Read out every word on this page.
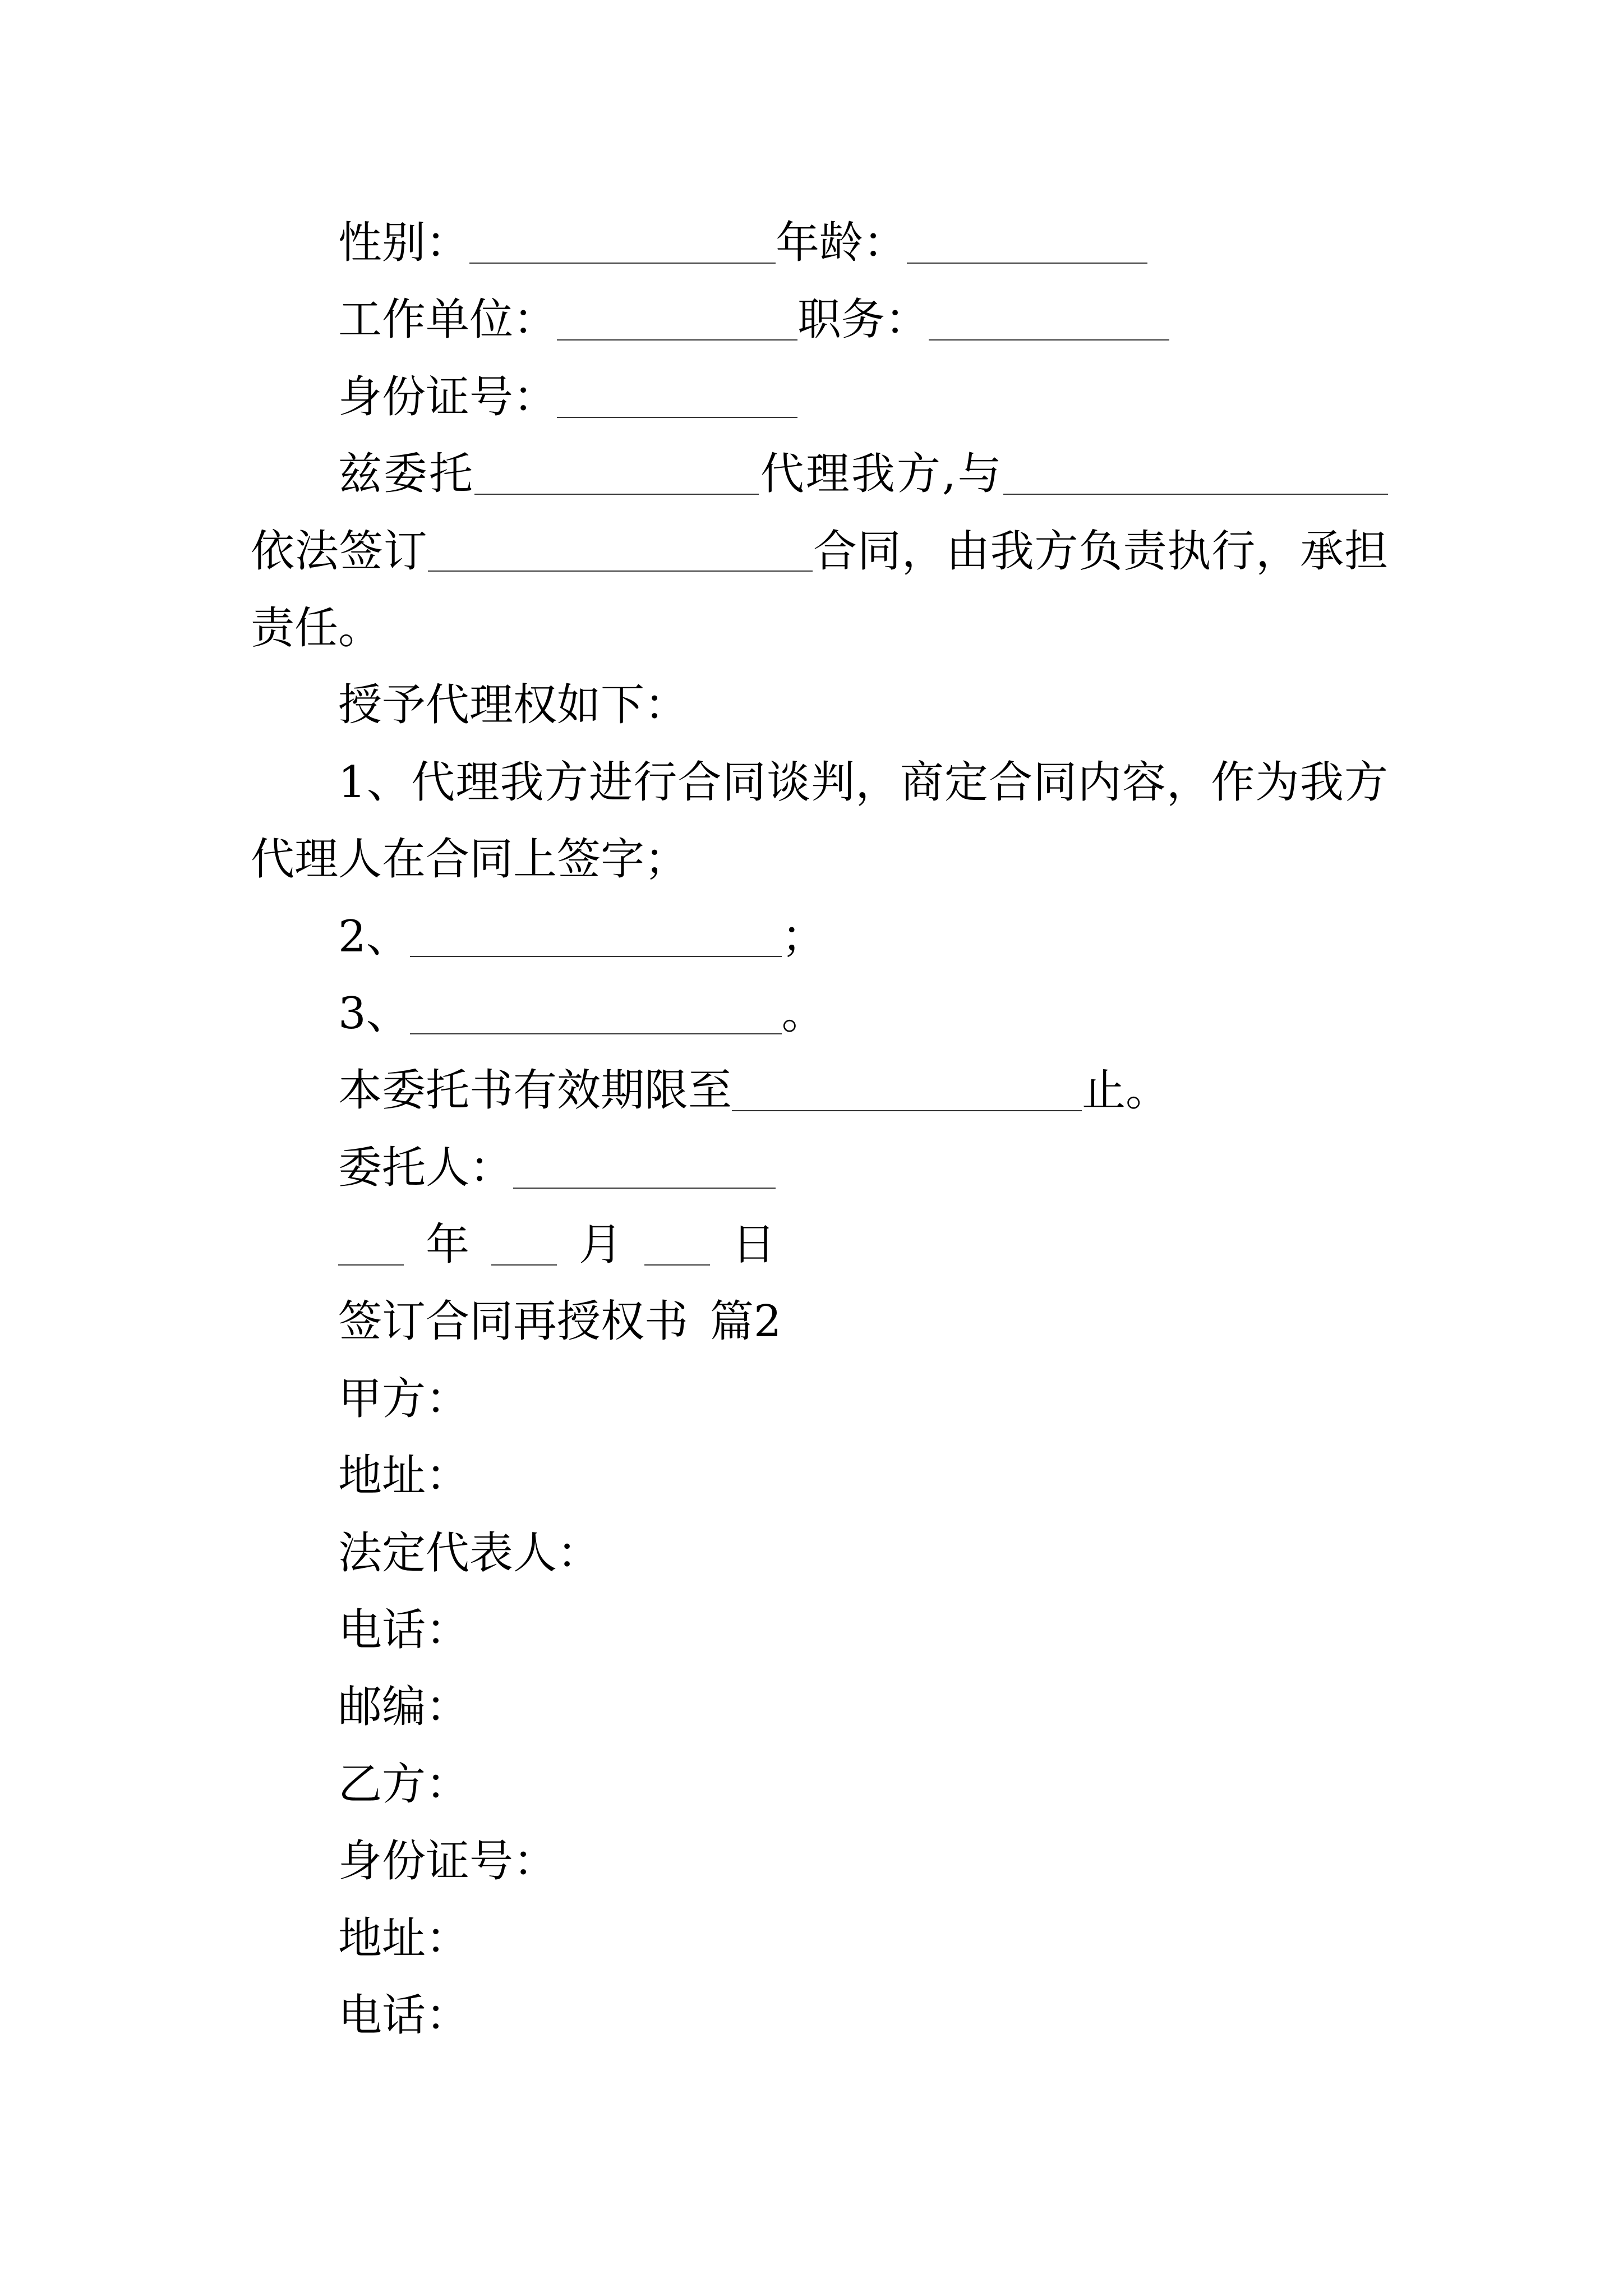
性别：	年龄：
工作单位：	职务：
身份证号：
兹委托	代理我方,与
依法签订	合同，由我方负责执行，承担
责任。
授予代理权如下：
1、代理我方进行合同谈判，商定合同内容，作为我方
代理人在合同上签字；
2、	；
3、	。
本委托书有效期限至	止。
委托人：
年	月	日
签订合同再授权书 篇2
甲方：
地址：
法定代表人：
电话：
邮编：
乙方：
身份证号：
地址：
电话：
